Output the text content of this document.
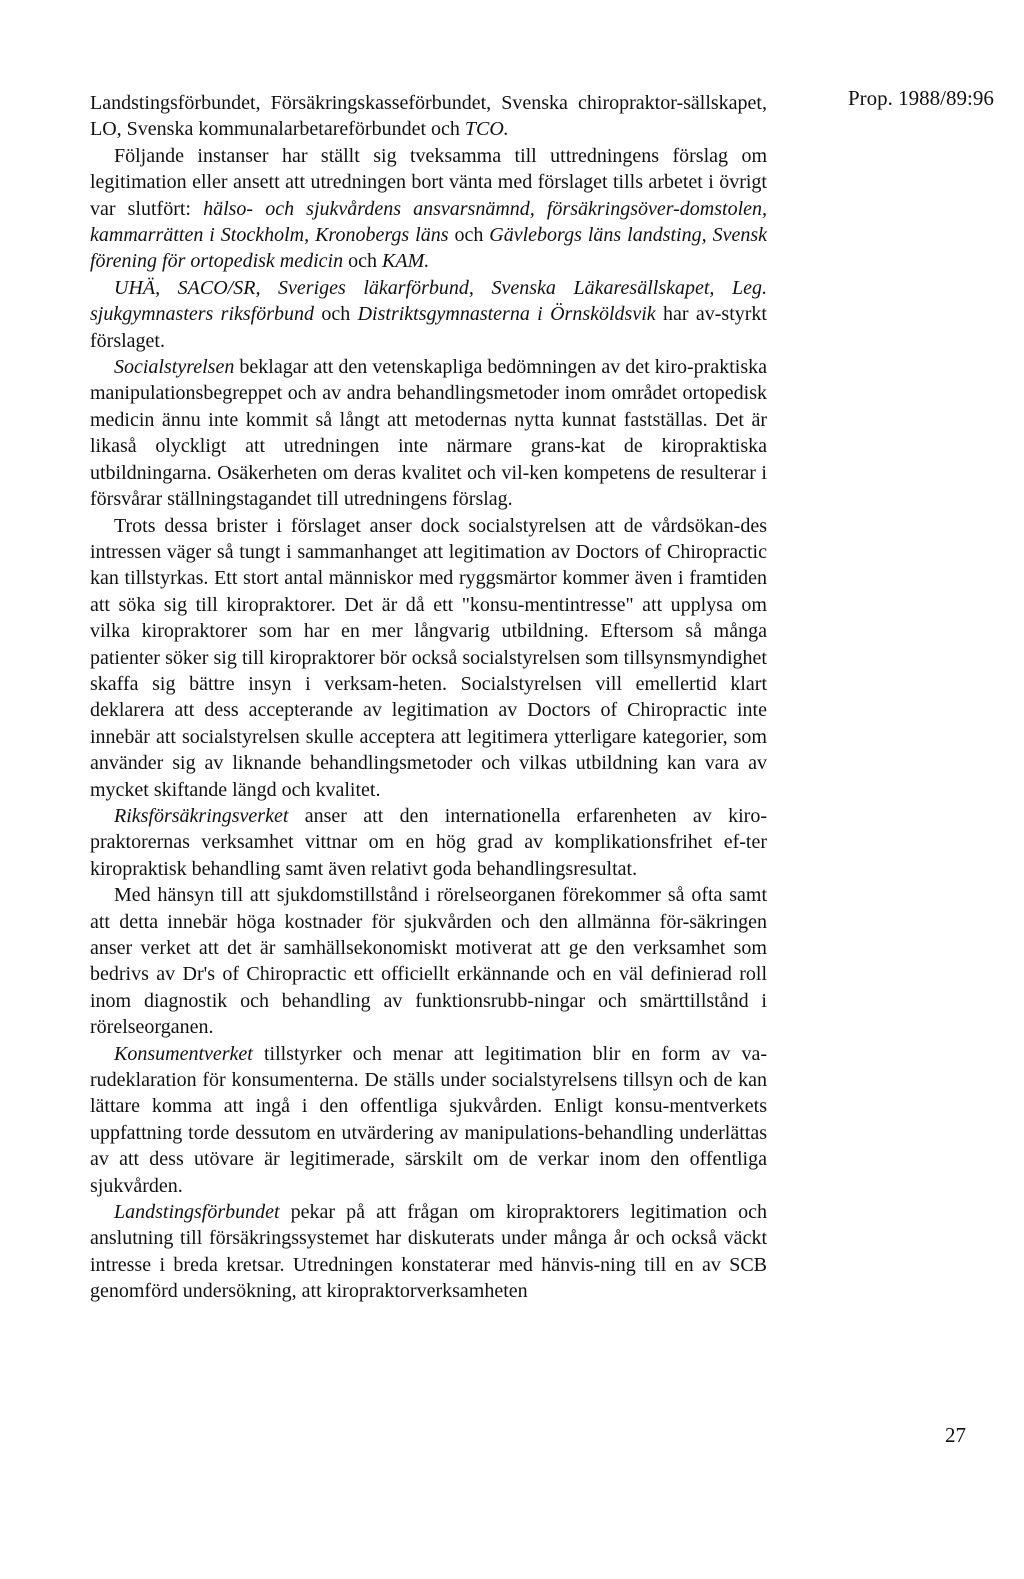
Prop. 1988/89:96

Landstingsförbundet, Försäkringskasseförbundet, Svenska chiropraktor-sällskapet, LO, Svenska kommunalarbetareförbundet och TCO.

Följande instanser har ställt sig tveksamma till uttredningens förslag om legitimation eller ansett att utredningen bort vänta med förslaget tills arbetet i övrigt var slutfört: hälso- och sjukvårdens ansvarsnämnd, försäkringsöver-domstolen, kammarrätten i Stockholm, Kronobergs läns och Gävleborgs läns landsting, Svensk förening för ortopedisk medicin och KAM.

UHÄ, SACO/SR, Sveriges läkarförbund, Svenska Läkaresällskapet, Leg. sjukgymnasters riksförbund och Distriktsgymnasterna i Örnsköldsvik har av-styrkt förslaget.

Socialstyrelsen beklagar att den vetenskapliga bedömningen av det kiro-praktiska manipulationsbegreppet och av andra behandlingsmetoder inom området ortopedisk medicin ännu inte kommit så långt att metodernas nytta kunnat fastställas. Det är likaså olyckligt att utredningen inte närmare grans-kat de kiropraktiska utbildningarna. Osäkerheten om deras kvalitet och vil-ken kompetens de resulterar i försvårar ställningstagandet till utredningens förslag.

Trots dessa brister i förslaget anser dock socialstyrelsen att de vårdsökan-des intressen väger så tungt i sammanhanget att legitimation av Doctors of Chiropractic kan tillstyrkas. Ett stort antal människor med ryggsmärtor kommer även i framtiden att söka sig till kiropraktorer. Det är då ett "konsu-mentintresse" att upplysa om vilka kiropraktorer som har en mer långvarig utbildning. Eftersom så många patienter söker sig till kiropraktorer bör också socialstyrelsen som tillsynsmyndighet skaffa sig bättre insyn i verksam-heten. Socialstyrelsen vill emellertid klart deklarera att dess accepterande av legitimation av Doctors of Chiropractic inte innebär att socialstyrelsen skulle acceptera att legitimera ytterligare kategorier, som använder sig av liknande behandlingsmetoder och vilkas utbildning kan vara av mycket skiftande längd och kvalitet.

Riksförsäkringsverket anser att den internationella erfarenheten av kiro-praktorernas verksamhet vittnar om en hög grad av komplikationsfrihet ef-ter kiropraktisk behandling samt även relativt goda behandlingsresultat.

Med hänsyn till att sjukdomstillstånd i rörelseorganen förekommer så ofta samt att detta innebär höga kostnader för sjukvården och den allmänna för-säkringen anser verket att det är samhällsekonomiskt motiverat att ge den verksamhet som bedrivs av Dr's of Chiropractic ett officiellt erkännande och en väl definierad roll inom diagnostik och behandling av funktionsrubb-ningar och smärttillstånd i rörelseorganen.

Konsumentverket tillstyrker och menar att legitimation blir en form av va-rudeklaration för konsumenterna. De ställs under socialstyrelsens tillsyn och de kan lättare komma att ingå i den offentliga sjukvården. Enligt konsu-mentverkets uppfattning torde dessutom en utvärdering av manipulations-behandling underlättas av att dess utövare är legitimerade, särskilt om de verkar inom den offentliga sjukvården.

Landstingsförbundet pekar på att frågan om kiropraktorers legitimation och anslutning till försäkringssystemet har diskuterats under många år och också väckt intresse i breda kretsar. Utredningen konstaterar med hänvis-ning till en av SCB genomförd undersökning, att kiropraktorverksamheten

27
